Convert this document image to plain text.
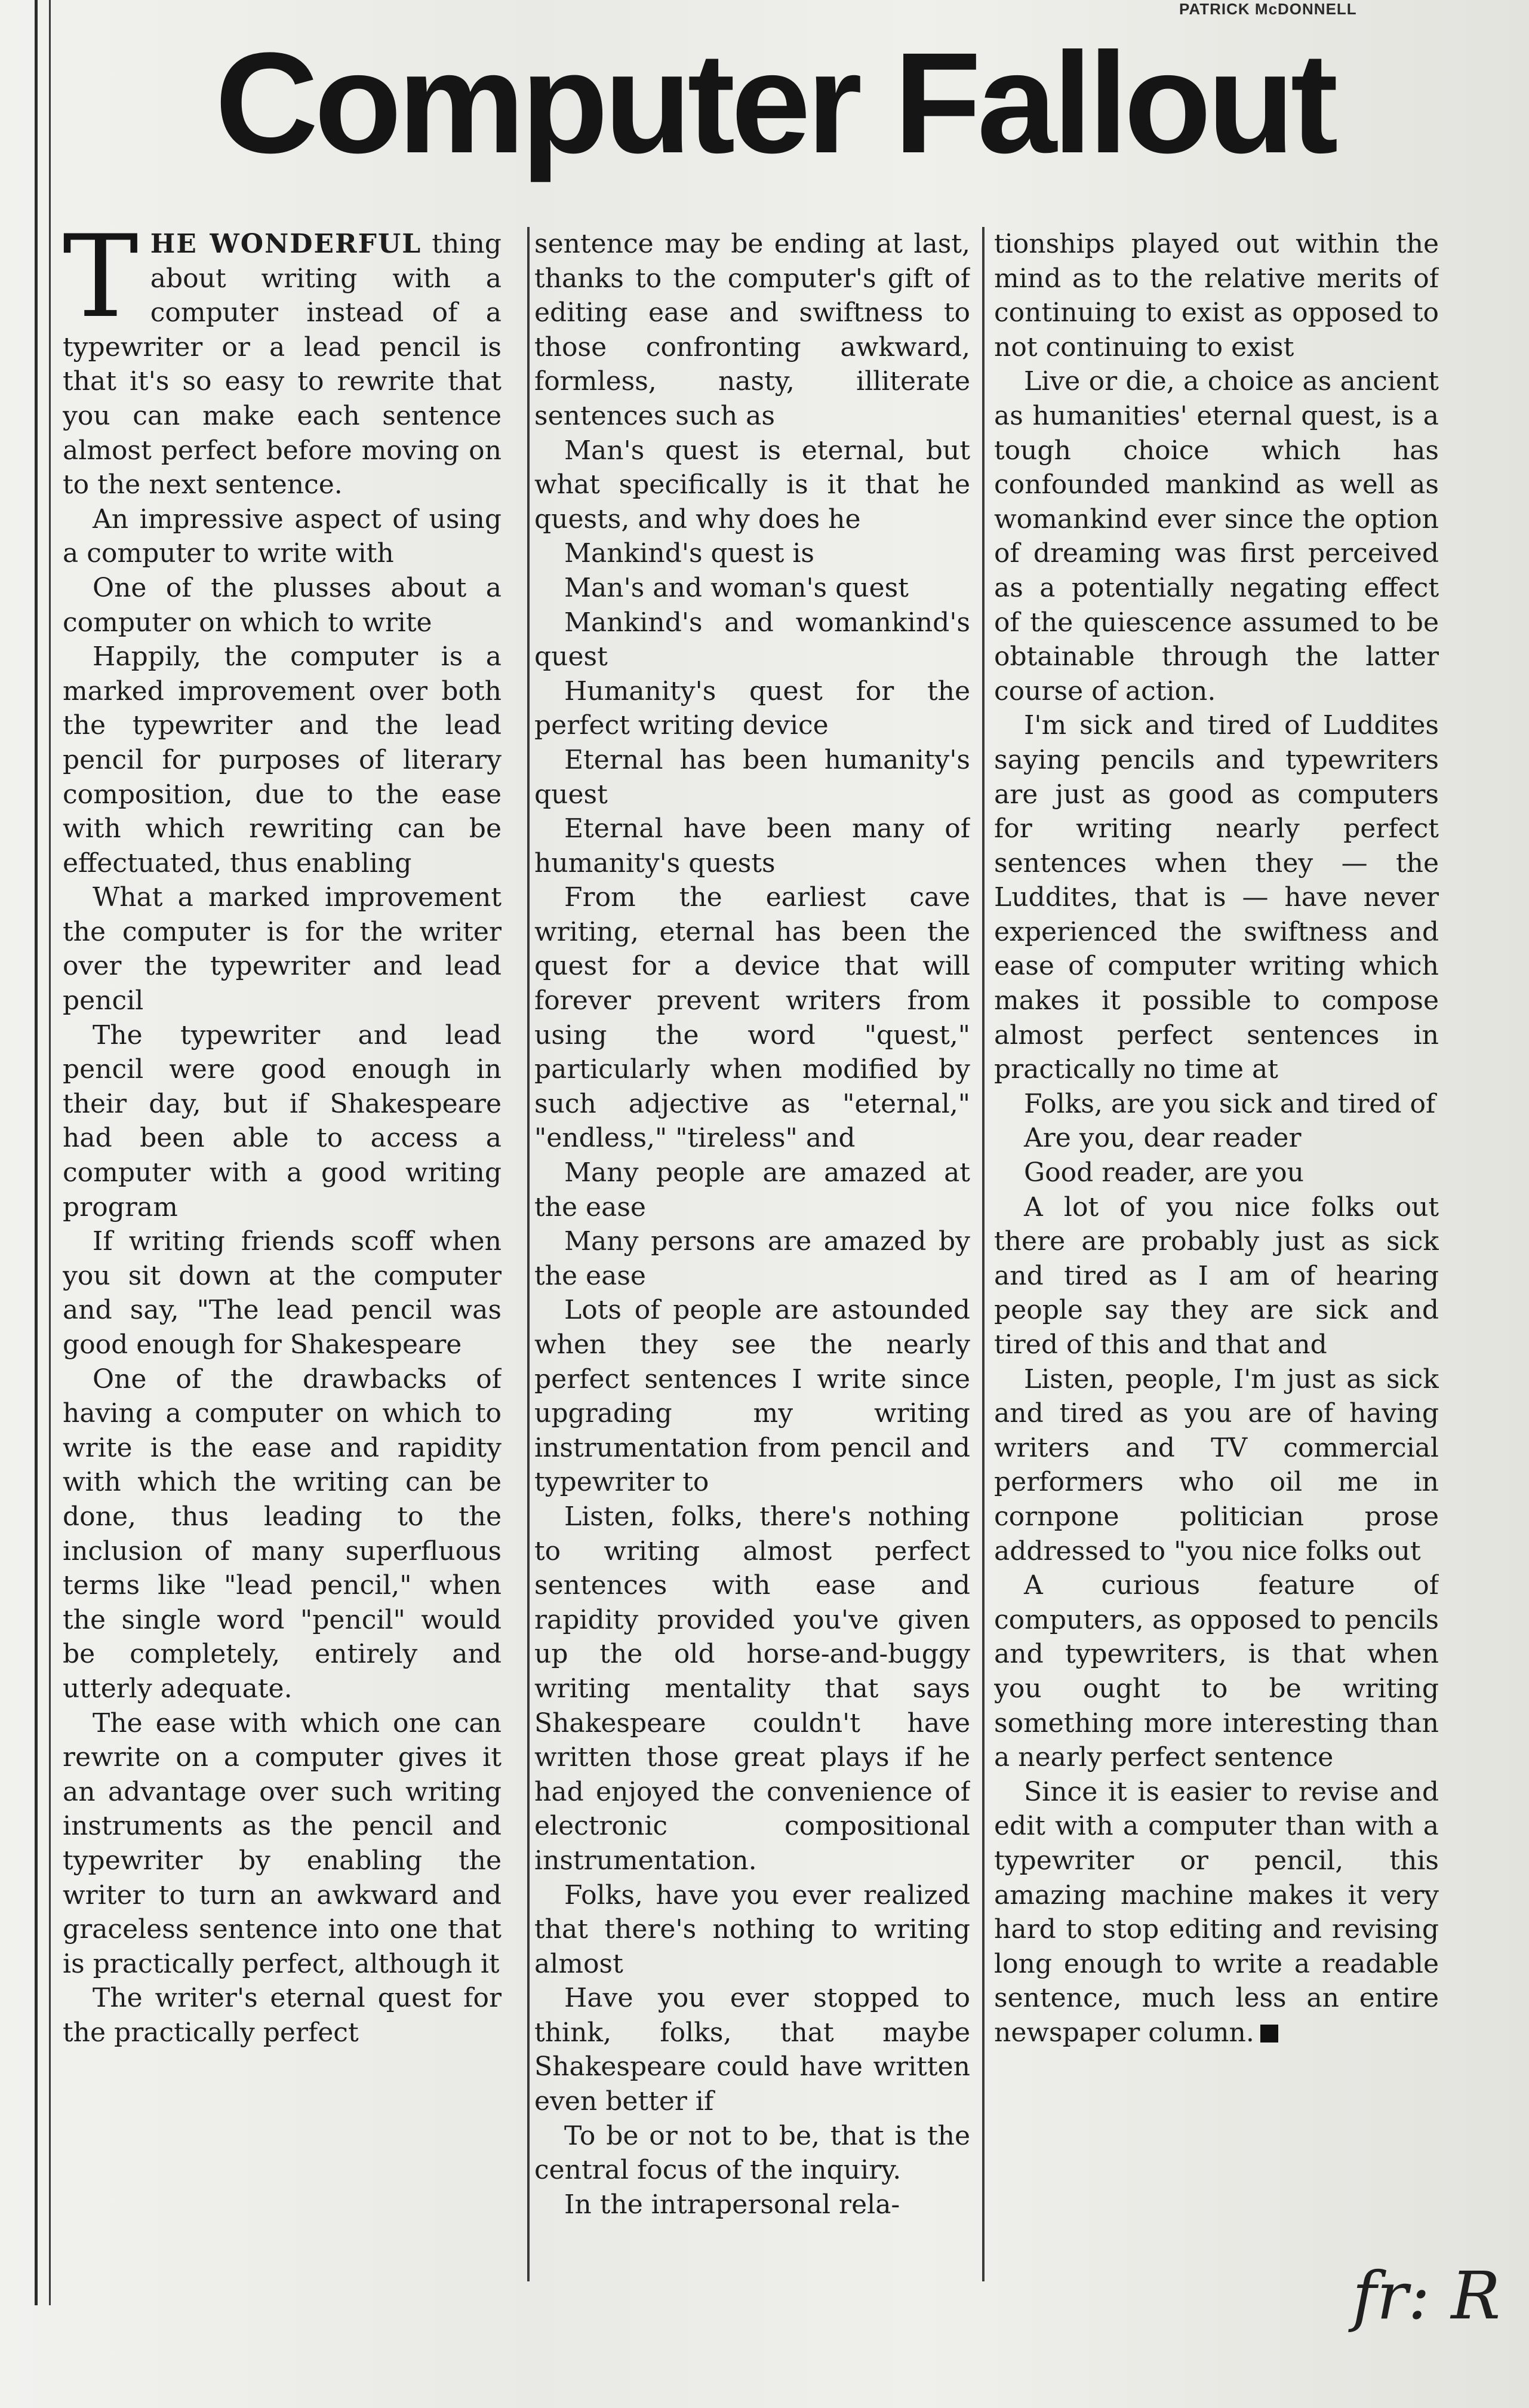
PATRICK McDONNELL
Computer Fallout

THE WONDERFUL thing about writing with a computer instead of a typewriter or a lead pencil is that it's so easy to rewrite that you can make each sentence almost perfect before moving on to the next sentence.

An impressive aspect of using a computer to write with

One of the plusses about a computer on which to write

Happily, the computer is a marked improvement over both the typewriter and the lead pencil for purposes of literary composition, due to the ease with which rewriting can be effectuated, thus enabling

What a marked improvement the computer is for the writer over the typewriter and lead pencil

The typewriter and lead pencil were good enough in their day, but if Shakespeare had been able to access a computer with a good writing program

If writing friends scoff when you sit down at the computer and say, "The lead pencil was good enough for Shakespeare

One of the drawbacks of having a computer on which to write is the ease and rapidity with which the writing can be done, thus leading to the inclusion of many superfluous terms like "lead pencil," when the single word "pencil" would be completely, entirely and utterly adequate.

The ease with which one can rewrite on a computer gives it an advantage over such writing instruments as the pencil and typewriter by enabling the writer to turn an awkward and graceless sentence into one that is practically perfect, although it

The writer's eternal quest for the practically perfect

sentence may be ending at last, thanks to the computer's gift of editing ease and swiftness to those confronting awkward, formless, nasty, illiterate sentences such as

Man's quest is eternal, but what specifically is it that he quests, and why does he

Mankind's quest is

Man's and woman's quest

Mankind's and womankind's quest

Humanity's quest for the perfect writing device

Eternal has been humanity's quest

Eternal have been many of humanity's quests

From the earliest cave writing, eternal has been the quest for a device that will forever prevent writers from using the word "quest," particularly when modified by such adjective as "eternal," "endless," "tireless" and

Many people are amazed at the ease

Many persons are amazed by the ease

Lots of people are astounded when they see the nearly perfect sentences I write since upgrading my writing instrumentation from pencil and typewriter to

Listen, folks, there's nothing to writing almost perfect sentences with ease and rapidity provided you've given up the old horse-and-buggy writing mentality that says Shakespeare couldn't have written those great plays if he had enjoyed the convenience of electronic compositional instrumentation.

Folks, have you ever realized that there's nothing to writing almost

Have you ever stopped to think, folks, that maybe Shakespeare could have written even better if

To be or not to be, that is the central focus of the inquiry.

In the intrapersonal rela-

tionships played out within the mind as to the relative merits of continuing to exist as opposed to not continuing to exist

Live or die, a choice as ancient as humanities' eternal quest, is a tough choice which has confounded mankind as well as womankind ever since the option of dreaming was first perceived as a potentially negating effect of the quiescence assumed to be obtainable through the latter course of action.

I'm sick and tired of Luddites saying pencils and typewriters are just as good as computers for writing nearly perfect sentences when they — the Luddites, that is — have never experienced the swiftness and ease of computer writing which makes it possible to compose almost perfect sentences in practically no time at

Folks, are you sick and tired of

Are you, dear reader

Good reader, are you

A lot of you nice folks out there are probably just as sick and tired as I am of hearing people say they are sick and tired of this and that and

Listen, people, I'm just as sick and tired as you are of having writers and TV commercial performers who oil me in cornpone politician prose addressed to "you nice folks out

A curious feature of computers, as opposed to pencils and typewriters, is that when you ought to be writing something more interesting than a nearly perfect sentence

Since it is easier to revise and edit with a computer than with a typewriter or pencil, this amazing machine makes it very hard to stop editing and revising long enough to write a readable sentence, much less an entire newspaper column.

fr: R
